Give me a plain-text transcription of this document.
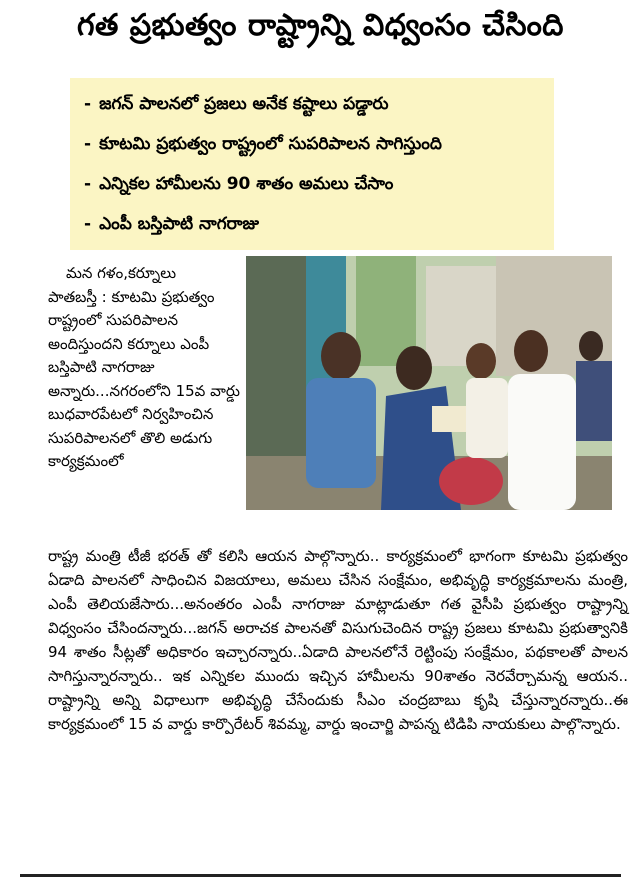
గత ప్రభుత్వం రాష్ట్రాన్ని విధ్వంసం చేసింది
- జగన్ పాలనలో ప్రజలు అనేక కష్టాలు పడ్డారు
- కూటమి ప్రభుత్వం రాష్ట్రంలో సుపరిపాలన సాగిస్తుంది
- ఎన్నికల హామీలను 90 శాతం అమలు చేసాం
- ఎంపీ బస్తిపాటి నాగరాజు
మన గళం,కర్నూలు
పాతబస్తీ : కూటమి ప్రభుత్వం రాష్ట్రంలో సుపరిపాలన అందిస్తుందని కర్నూలు ఎంపీ బస్తిపాటి నాగరాజు అన్నారు...నగరంలోని 15వ వార్డు బుధవారపేటలో నిర్వహించిన సుపరిపాలనలో తొలి అడుగు కార్యక్రమంలో
రాష్ట్ర మంత్రి టీజీ భరత్ తో కలిసి ఆయన పాల్గొన్నారు.. కార్యక్రమంలో భాగంగా కూటమి ప్రభుత్వం ఏడాది పాలనలో సాధించిన విజయాలు, అమలు చేసిన సంక్షేమం, అభివృద్ధి కార్యక్రమాలను మంత్రి, ఎంపీ తెలియజేసారు...అనంతరం ఎంపీ నాగరాజు మాట్లాడుతూ గత వైసీపి ప్రభుత్వం రాష్ట్రాన్ని విధ్వంసం చేసిందన్నారు...జగన్ అరాచక పాలనతో విసుగుచెందిన రాష్ట్ర ప్రజలు కూటమి ప్రభుత్వానికి 94 శాతం సీట్లతో అధికారం ఇచ్చారన్నారు..ఏడాది పాలనలోనే రెట్టింపు సంక్షేమం, పథకాలతో పాలన సాగిస్తున్నారన్నారు.. ఇక ఎన్నికల ముందు ఇచ్చిన హామీలను 90శాతం నెరవేర్చామన్న ఆయన.. రాష్ట్రాన్ని అన్ని విధాలుగా అభివృద్ధి చేసేందుకు సీఎం చంద్రబాబు కృషి చేస్తున్నారన్నారు..ఈ కార్యక్రమంలో 15 వ వార్డు కార్పొరేటర్ శివమ్మ, వార్డు ఇంచార్జి పాపన్న టిడిపి నాయకులు పాల్గొన్నారు.
